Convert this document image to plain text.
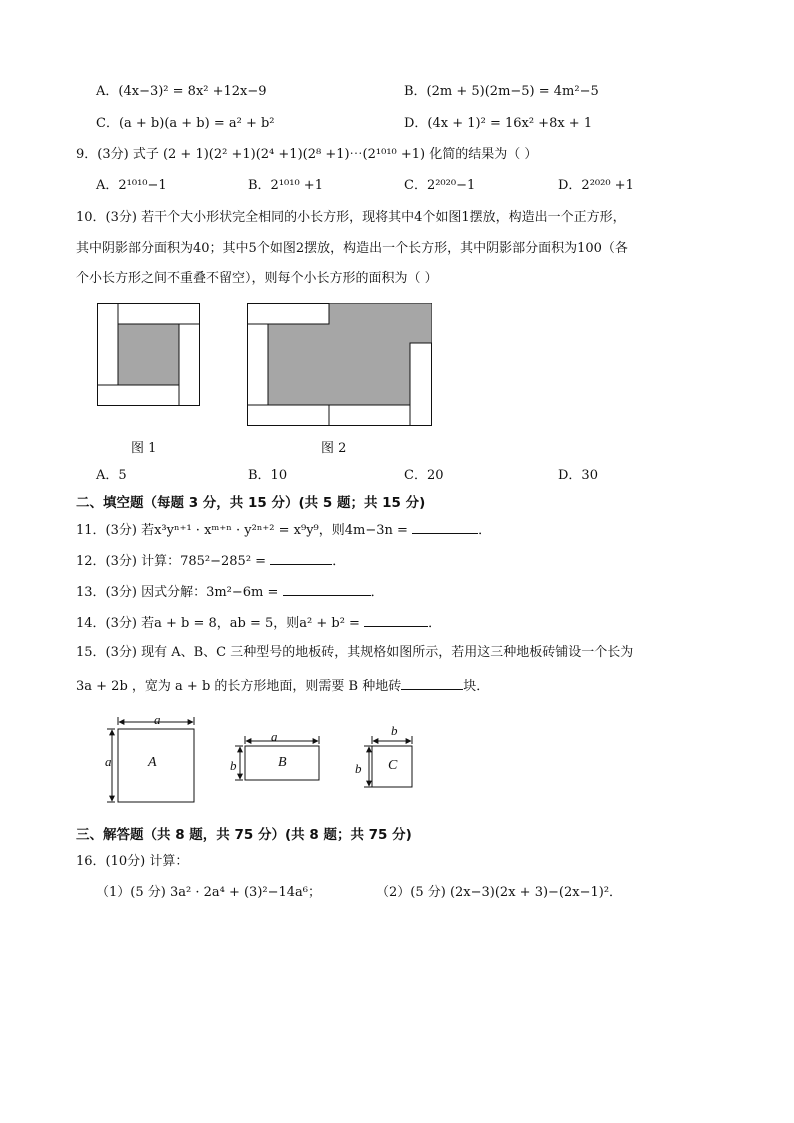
A．(4x−3)² = 8x² +12x−9	B．(2m + 5)(2m−5) = 4m²−5
C．(a + b)(a + b) = a² + b²	D．(4x + 1)² = 16x² +8x + 1
9．(3分) 式子 (2 + 1)(2² +1)(2⁴ +1)(2⁸ +1)⋯(2¹⁰¹⁰ +1) 化简的结果为（ ）
A．2¹⁰¹⁰−1	B．2¹⁰¹⁰ +1	C．2²⁰²⁰−1	D．2²⁰²⁰ +1
10．(3分) 若干个大小形状完全相同的小长方形，现将其中4个如图1摆放，构造出一个正方形，
其中阴影部分面积为40；其中5个如图2摆放，构造出一个长方形，其中阴影部分面积为100（各
个小长方形之间不重叠不留空），则每个小长方形的面积为（ ）
图 1	图 2
A．5	B．10	C．20	D．30
二、填空题（每题 3 分，共 15 分）(共 5 题；共 15 分)
11．(3分) 若x³yⁿ⁺¹ · xᵐ⁺ⁿ · y²ⁿ⁺² = x⁹y⁹，则4m−3n =	．
12．(3分) 计算：785²−285² =	．
13．(3分) 因式分解：3m²−6m =	．
14．(3分) 若a + b = 8，ab = 5，则a² + b² =	．
15．(3分) 现有 A、B、C 三种型号的地板砖，其规格如图所示，若用这三种地板砖铺设一个长为
3a + 2b ，宽为 a + b 的长方形地面，则需要 B 种地砖	块．
a
a	A
a
b	B
b
b C
三、解答题（共 8 题，共 75 分）(共 8 题；共 75 分)
16．(10分) 计算：
（1）(5 分) 3a² · 2a⁴ + (3)²−14a⁶；	（2）(5 分) (2x−3)(2x + 3)−(2x−1)²．
